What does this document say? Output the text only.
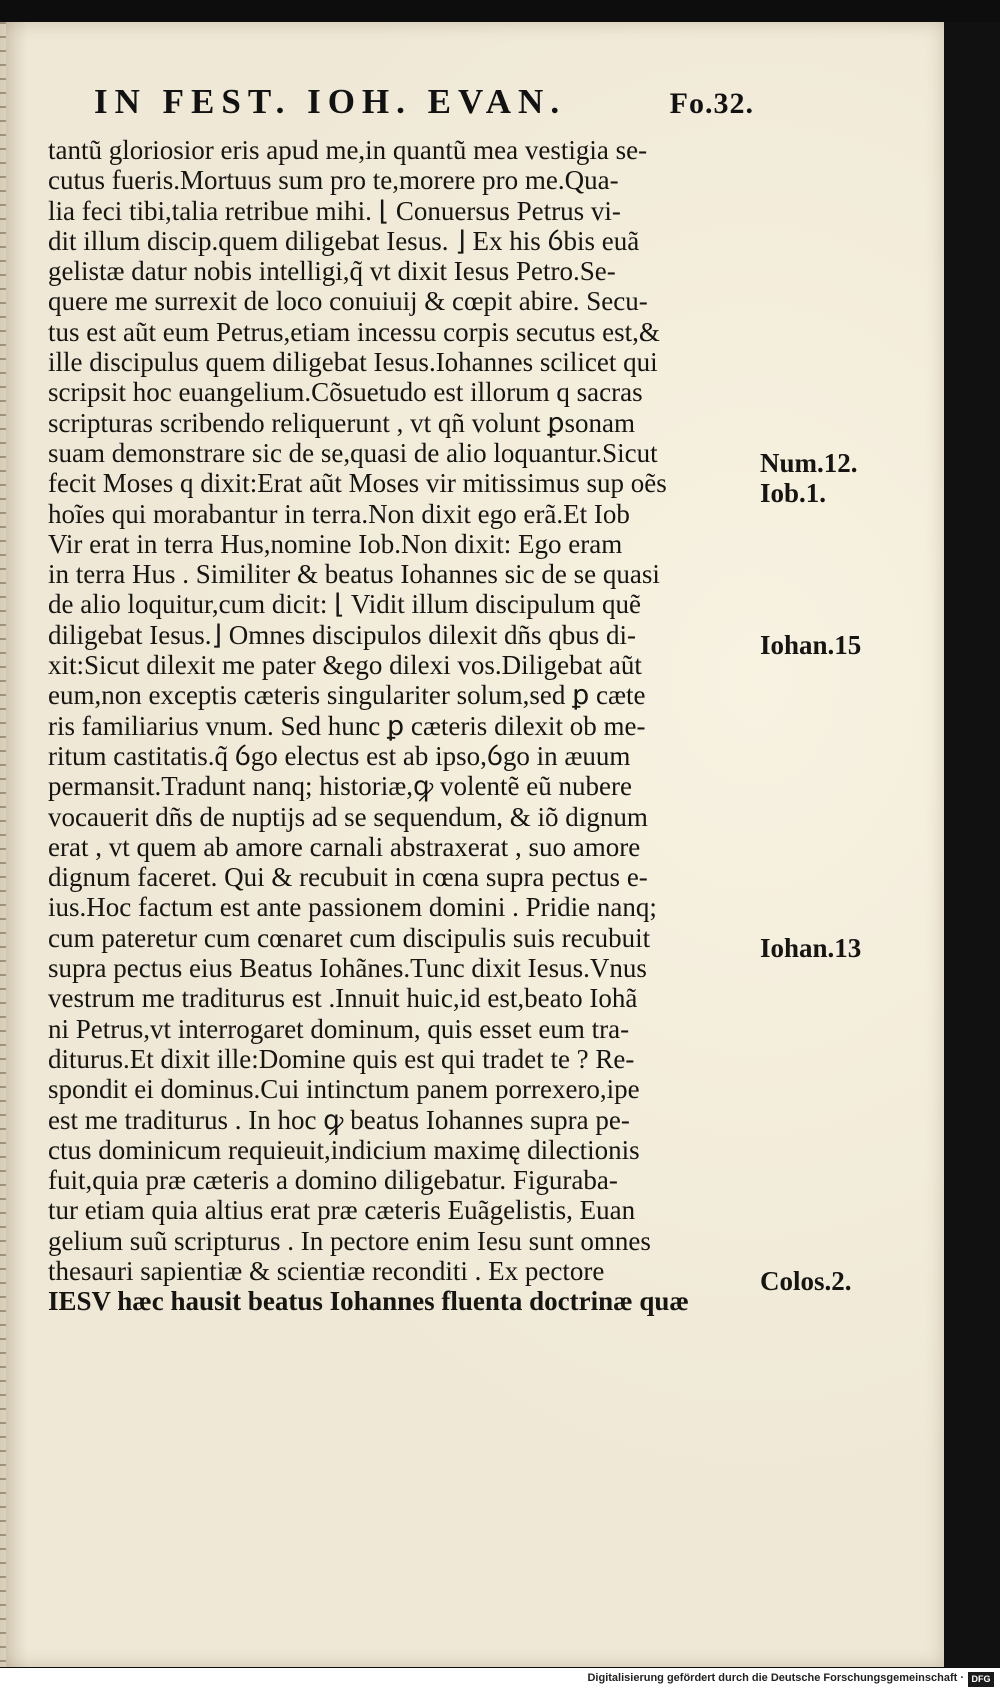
IN FEST. IOH. EVAN.	Fo.32.
tantũ gloriosior eris apud me,in quantũ mea vestigia se-
cutus fueris.Mortuus sum pro te,morere pro me.Qua-
lia feci tibi,talia retribue mihi. ⌊ Conuersus Petrus vi-
dit illum discip.quem diligebat Iesus. ⌋ Ex his ỽbis euã
gelistæ datur nobis intelligi,q̃ vt dixit Iesus Petro.Se-
quere me surrexit de loco conuiuĳ & cœpit abire. Secu-
tus est aũt eum Petrus,etiam incessu corpis secutus est,&
ille discipulus quem diligebat Iesus.Iohannes scilicet qui
scripsit hoc euangelium.Cõsuetudo est illorum q sacras
scripturas scribendo reliquerunt , vt qñ volunt ꝑsonam
suam demonstrare sic de se,quasi de alio loquantur.Sicut
fecit Moses q dixit:Erat aũt Moses vir mitissimus sup oẽs
hoĩes qui morabantur in terra.Non dixit ego erã.Et Iob
Vir erat in terra Hus,nomine Iob.Non dixit: Ego eram
in terra Hus . Similiter & beatus Iohannes sic de se quasi
de alio loquitur,cum dicit: ⌊ Vidit illum discipulum quẽ
diligebat Iesus.⌋ Omnes discipulos dilexit dñs qbus di-
xit:Sicut dilexit me pater &ego dilexi vos.Diligebat aũt
eum,non exceptis cæteris singulariter solum,sed ꝑ cæte
ris familiarius vnum. Sed hunc ꝑ cæteris dilexit ob me-
ritum castitatis.q̃ ỽgo electus est ab ipso,ỽgo in æuum
permansit.Tradunt nanq; historiæ,ꝙ volentẽ eũ nubere
vocauerit dñs de nuptĳs ad se sequendum, & iõ dignum
erat , vt quem ab amore carnali abstraxerat , suo amore
dignum faceret. Qui & recubuit in cœna supra pectus e-
ius.Hoc factum est ante passionem domini . Pridie nanq;
cum pateretur cum cœnaret cum discipulis suis recubuit
supra pectus eius Beatus Iohãnes.Tunc dixit Iesus.Vnus
vestrum me traditurus est .Innuit huic,id est,beato Iohã
ni Petrus,vt interrogaret dominum, quis esset eum tra-
diturus.Et dixit ille:Domine quis est qui tradet te ? Re-
spondit ei dominus.Cui intinctum panem porrexero,ipe
est me traditurus . In hoc ꝙ beatus Iohannes supra pe-
ctus dominicum requieuit,indicium maximę dilectionis
fuit,quia præ cæteris a domino diligebatur. Figuraba-
tur etiam quia altius erat præ cæteris Euãgelistis, Euan
gelium suũ scripturus . In pectore enim Iesu sunt omnes
thesauri sapientiæ & scientiæ reconditi . Ex pectore
IESV hæc hausit beatus Iohannes fluenta doctrinæ quæ
Num.12.
Iob.1.
Iohan.15
Iohan.13
Colos.2.
Digitalisierung gefördert durch die Deutsche Forschungsgemeinschaft · DFG
